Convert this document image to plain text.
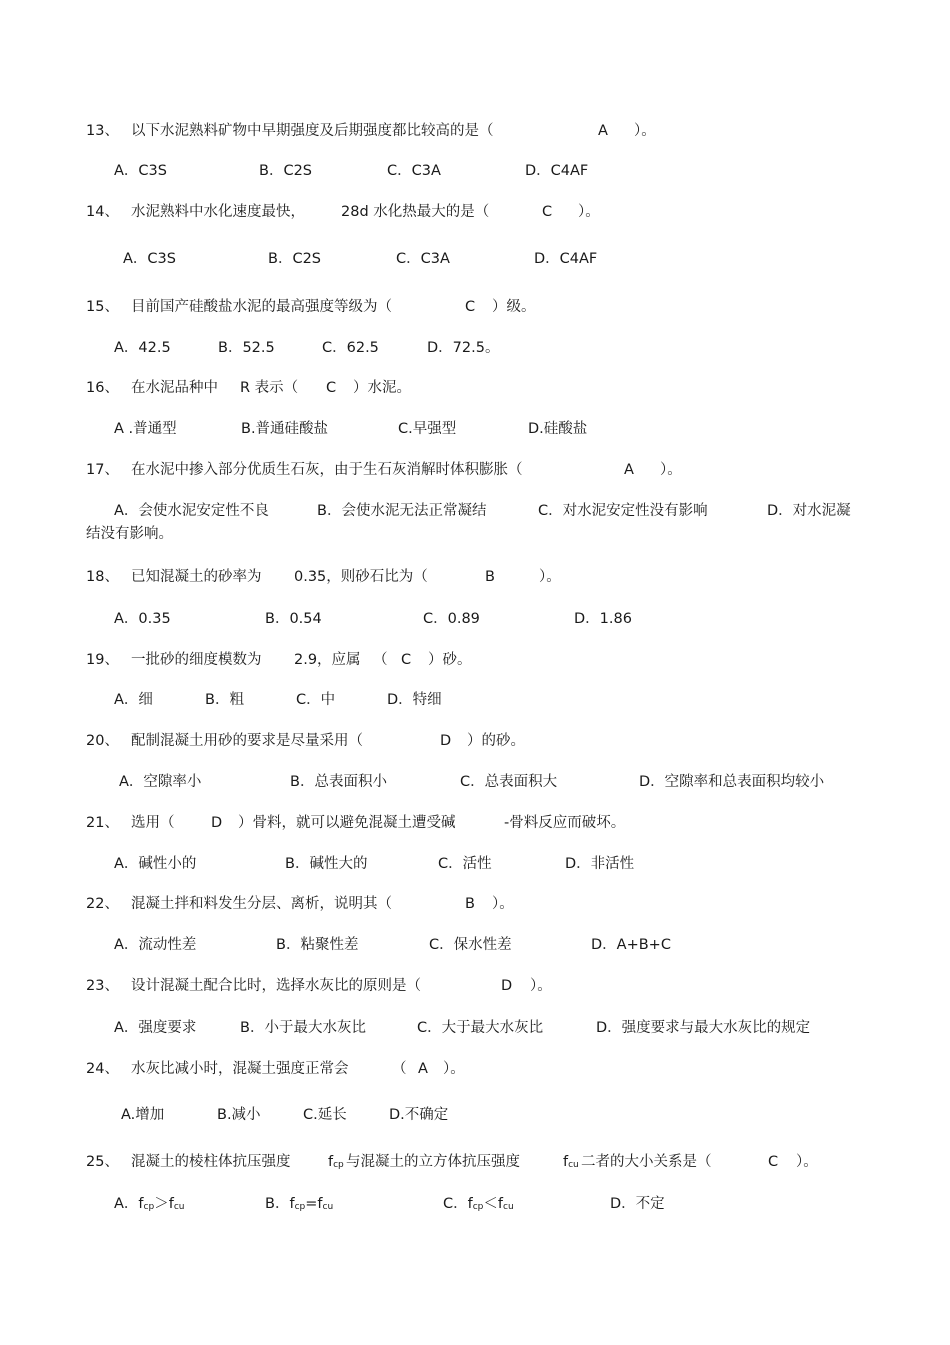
13、 以下水泥熟料矿物中早期强度及后期强度都比较高的是（	A ）。
A．C3S	B．C2S	C．C3A	D．C4AF
14、 水泥熟料中水化速度最快， 28d 水化热最大的是（	C ）。
A．C3S	B．C2S	C．C3A	D．C4AF
15、 目前国产硅酸盐水泥的最高强度等级为（	C ）级。
A．42.5	B．52.5	C．62.5	D．72.5。
16、 在水泥品种中 R 表示（ C ）水泥。
A .普通型	B.普通硅酸盐	C.早强型	D.硅酸盐
17、 在水泥中掺入部分优质生石灰，由于生石灰消解时体积膨胀（	A ）。
A．会使水泥安定性不良	B．会使水泥无法正常凝结	C．对水泥安定性没有影响	D．对水泥凝
结没有影响。
18、 已知混凝土的砂率为 0.35，则砂石比为（	B	）。
A．0.35	B．0.54	C．0.89	D．1.86
19、 一批砂的细度模数为 2.9，应属 （ C ）砂。
A．细	B．粗	C．中	D．特细
20、 配制混凝土用砂的要求是尽量采用（	D ）的砂。
A．空隙率小	B．总表面积小	C．总表面积大	D．空隙率和总表面积均较小
21、 选用（	D ）骨料，就可以避免混凝土遭受碱	-骨料反应而破坏。
A．碱性小的	B．碱性大的	C．活性	D．非活性
22、 混凝土拌和料发生分层、离析，说明其（	B ）。
A．流动性差	B．粘聚性差	C．保水性差	D．A+B+C
23、 设计混凝土配合比时，选择水灰比的原则是（	D ）。
A．强度要求	B．小于最大水灰比	C．大于最大水灰比	D．强度要求与最大水灰比的规定
24、 水灰比减小时，混凝土强度正常会	（ A ）。
A.增加	B.减小	C.延长	D.不确定
25、 混凝土的棱柱体抗压强度	$f_{cp}$ 与混凝土的立方体抗压强度	$f_{cu}$ 二者的大小关系是（	C ）。
A．$f_{cp}>f_{cu}$	B．$f_{cp}=f_{cu}$	C．$f_{cp}<f_{cu}$	D．不定
